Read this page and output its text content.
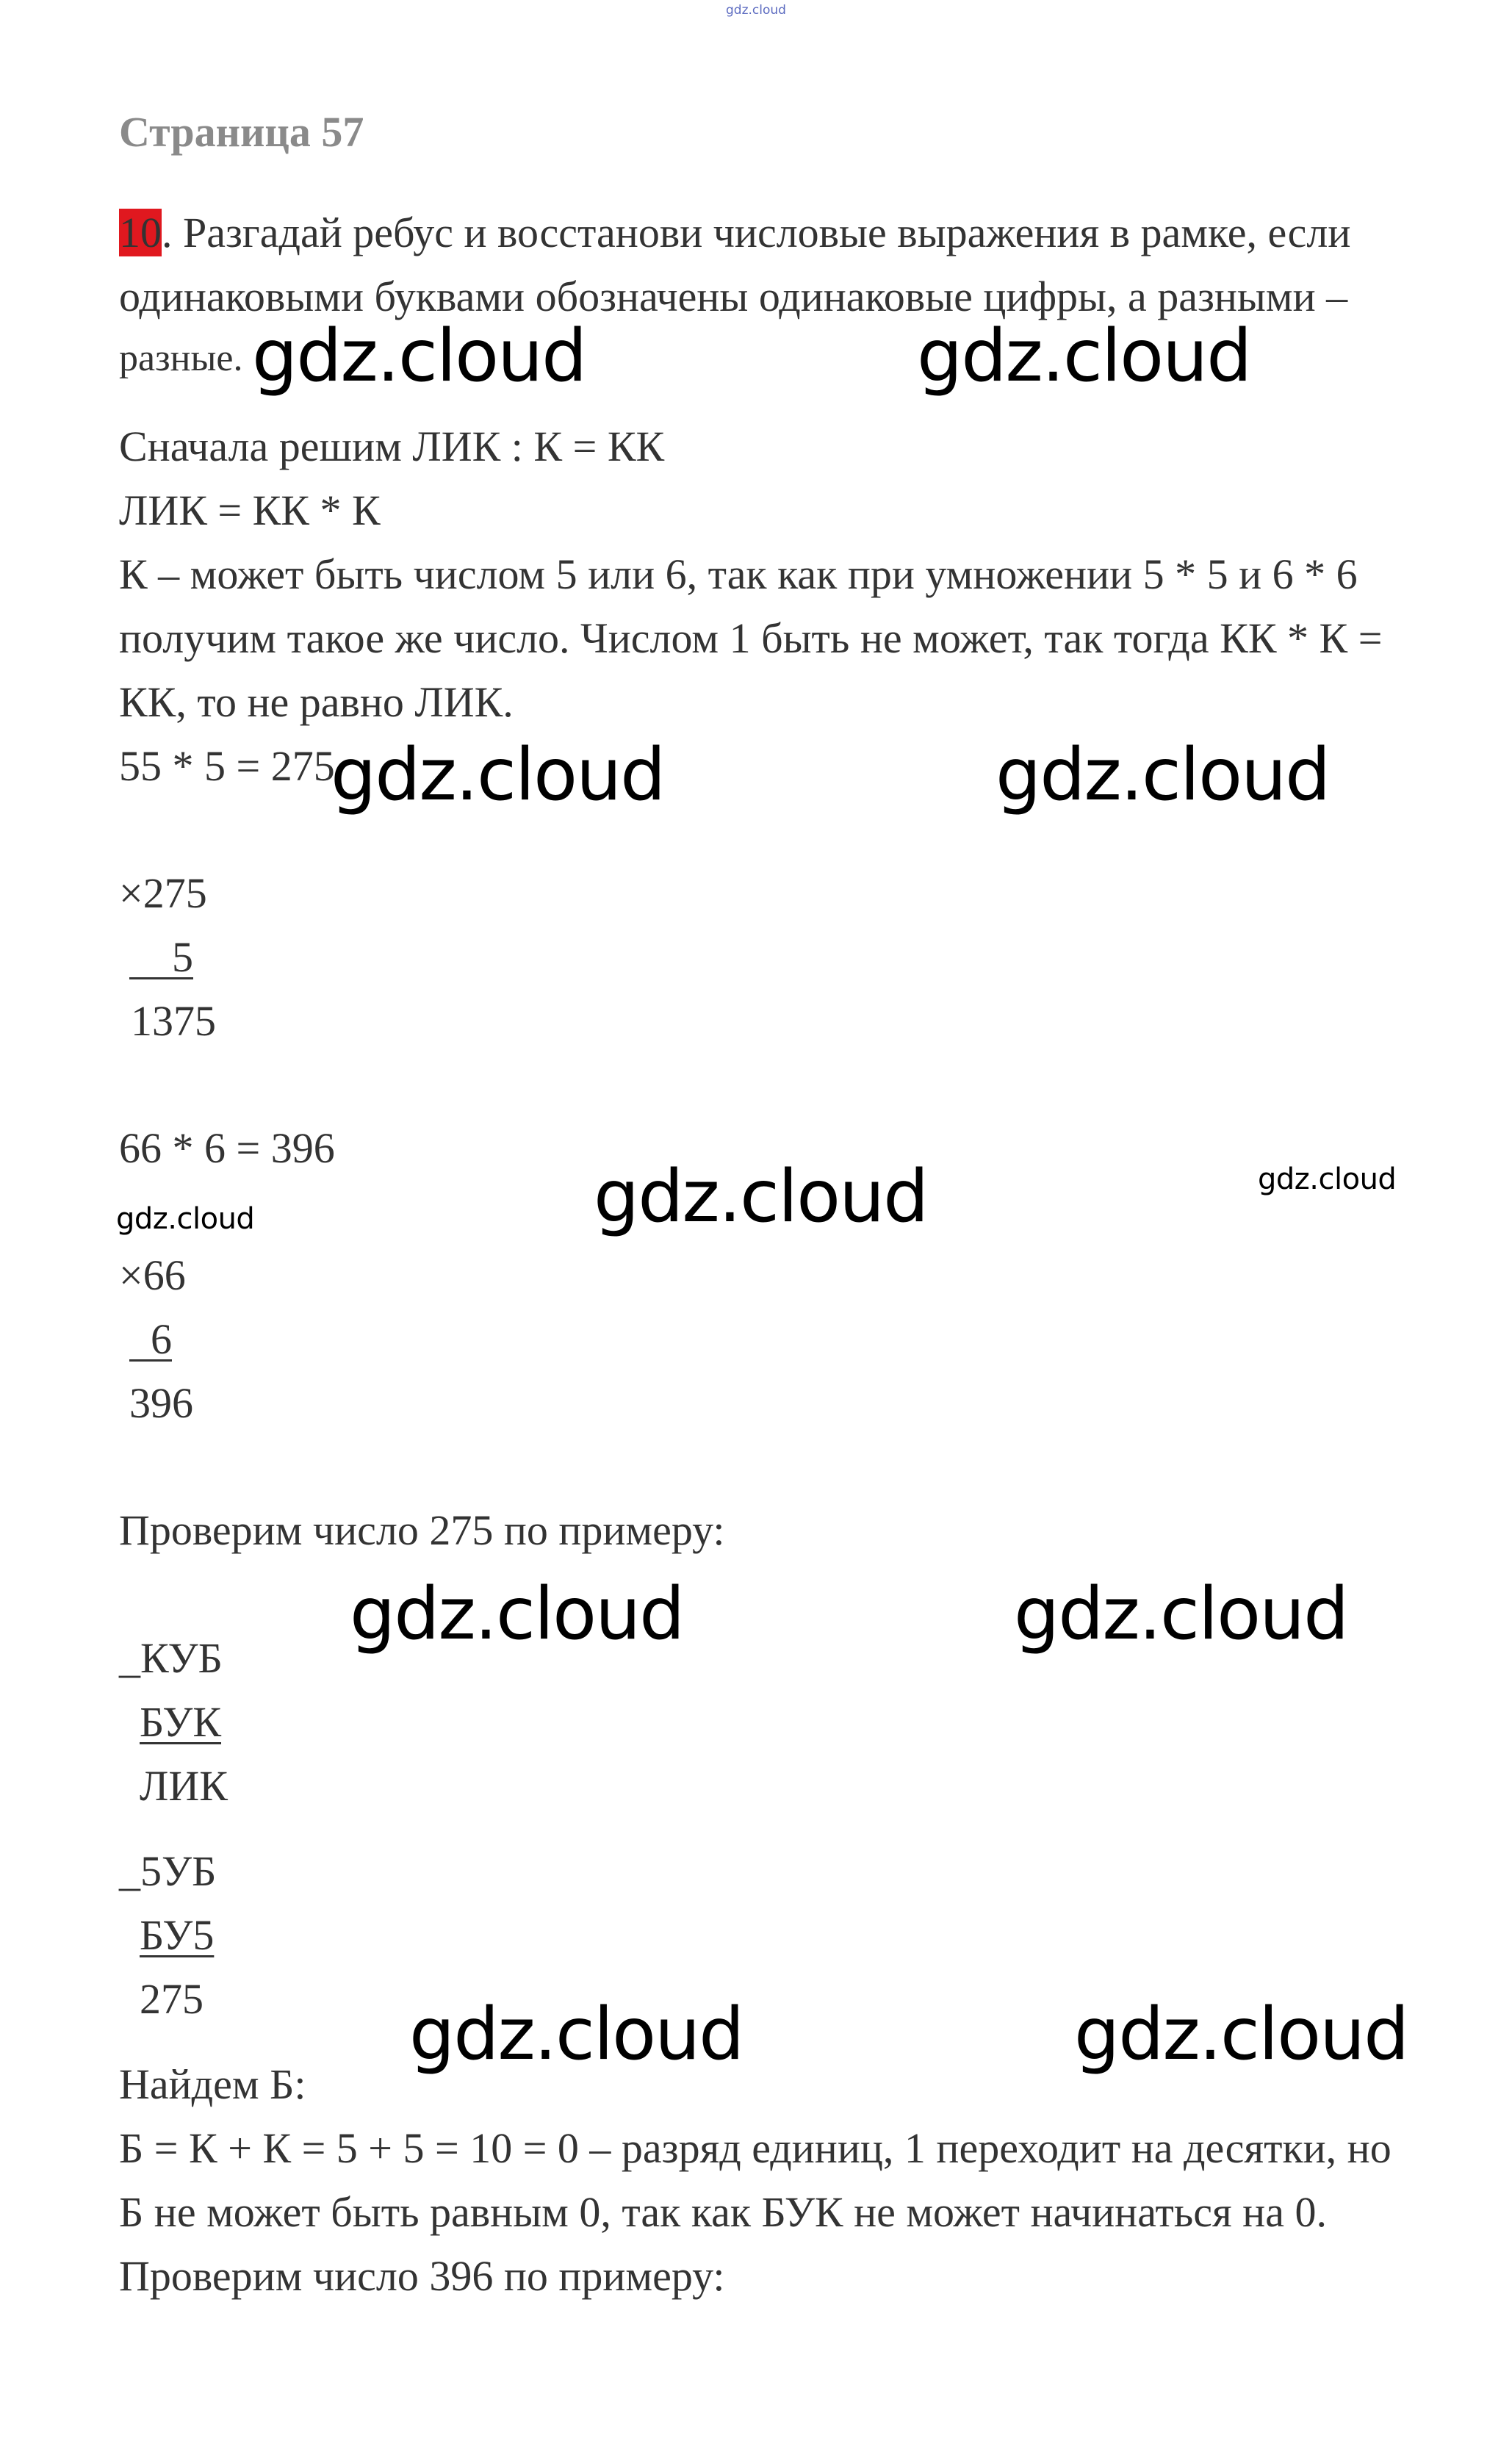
gdz.cloud
Страница 57
10. Разгадай ребус и восстанови числовые выражения в рамке, если
одинаковыми буквами обозначены одинаковые цифры, а разными –
разные.
Сначала решим ЛИК : К = КК
ЛИК = КК * К
К – может быть числом 5 или 6, так как при умножении 5 * 5 и 6 * 6
получим такое же число. Числом 1 быть не может, так тогда КК * К =
КК, то не равно ЛИК.
55 * 5 = 275
×275
5
1375
66 * 6 = 396
×66
6
396
Проверим число 275 по примеру:
_КУБ
БУК
ЛИК
_5УБ
БУ5
275
Найдем Б:
Б = К + К = 5 + 5 = 10 = 0 – разряд единиц, 1 переходит на десятки, но
Б не может быть равным 0, так как БУК не может начинаться на 0.
Проверим число 396 по примеру:
gdz.cloud	gdz.cloud
gdz.cloud	gdz.cloud
gdz.cloud	gdz.cloud
gdz.cloud
gdz.cloud	gdz.cloud
gdz.cloud	gdz.cloud
